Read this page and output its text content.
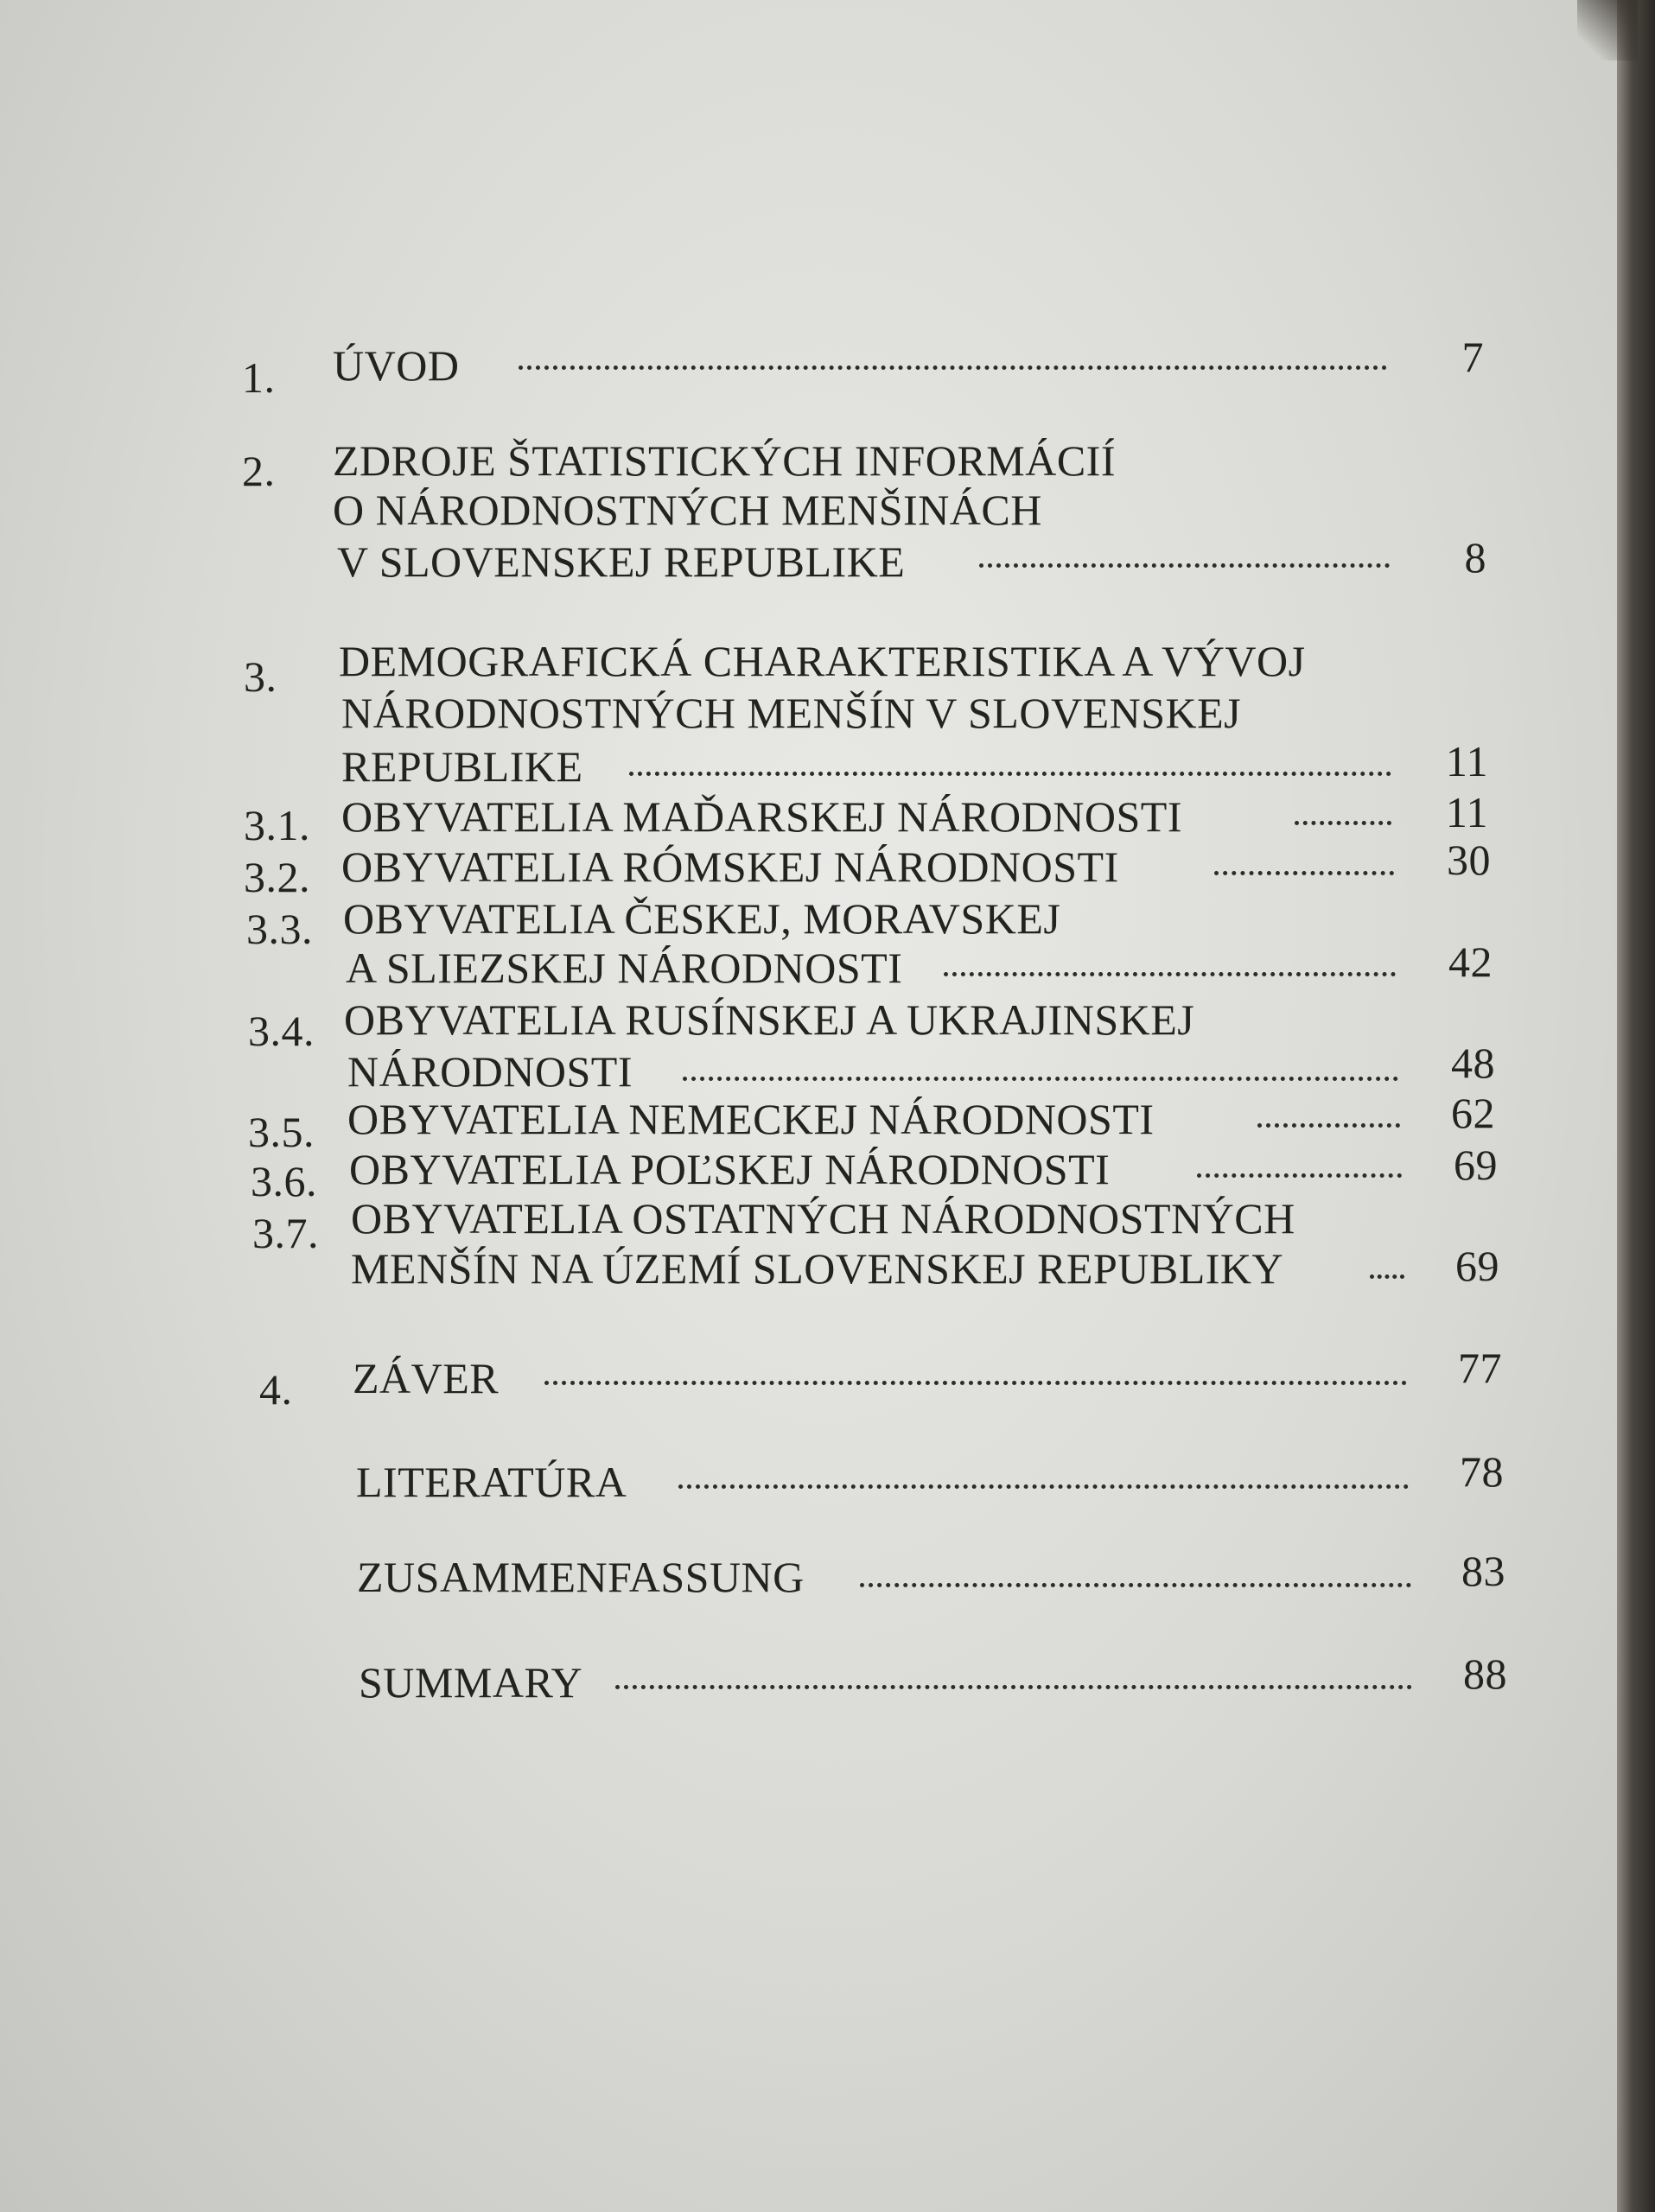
1. ÚVOD	7
2. ZDROJE ŠTATISTICKÝCH INFORMÁCIÍ
O NÁRODNOSTNÝCH MENŠINÁCH
V SLOVENSKEJ REPUBLIKE	8
3. DEMOGRAFICKÁ CHARAKTERISTIKA A VÝVOJ
NÁRODNOSTNÝCH MENŠÍN V SLOVENSKEJ
REPUBLIKE	11
3.1. OBYVATELIA MAĎARSKEJ NÁRODNOSTI	11
3.2. OBYVATELIA RÓMSKEJ NÁRODNOSTI	30
3.3. OBYVATELIA ČESKEJ, MORAVSKEJ
A SLIEZSKEJ NÁRODNOSTI	42
3.4. OBYVATELIA RUSÍNSKEJ A UKRAJINSKEJ
NÁRODNOSTI	48
3.5. OBYVATELIA NEMECKEJ NÁRODNOSTI	62
3.6. OBYVATELIA POĽSKEJ NÁRODNOSTI	69
3.7. OBYVATELIA OSTATNÝCH NÁRODNOSTNÝCH
MENŠÍN NA ÚZEMÍ SLOVENSKEJ REPUBLIKY	69
4. ZÁVER	77
LITERATÚRA	78
ZUSAMMENFASSUNG	83
SUMMARY	88
